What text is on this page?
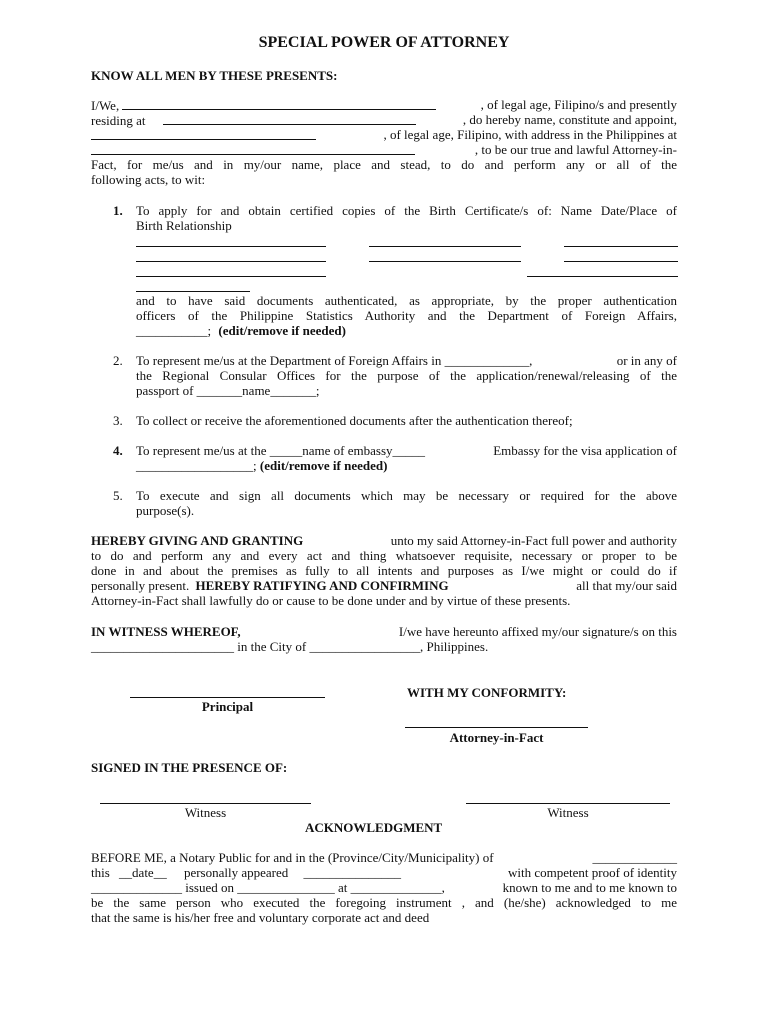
SPECIAL POWER OF ATTORNEY
KNOW ALL MEN BY THESE PRESENTS:
I/We,	, of legal age, Filipino/s and presently
residing at	, do hereby name, constitute and appoint,
, of legal age, Filipino, with address in the Philippines at
, to be our true and lawful Attorney-in-
Fact, for me/us and in my/our name, place and stead, to do and perform any or all of the
following acts, to wit:
1. To apply for and obtain certified copies of the Birth Certificate/s of: Name Date/Place of
Birth Relationship
and to have said documents authenticated, as appropriate, by the proper authentication
officers of the Philippine Statistics Authority and the Department of Foreign Affairs,
___________; (edit/remove if needed)
2. To represent me/us at the Department of Foreign Affairs in _____________,	or in any of
the Regional Consular Offices for the purpose of the application/renewal/releasing of the
passport of _______name_______;
3. To collect or receive the aforementioned documents after the authentication thereof;
4. To represent me/us at the _____name of embassy_____	Embassy for the visa application of
__________________; (edit/remove if needed)
5. To execute and sign all documents which may be necessary or required for the above
purpose(s).
HEREBY GIVING AND GRANTING	unto my said Attorney-in-Fact full power and authority
to do and perform any and every act and thing whatsoever requisite, necessary or proper to be
done in and about the premises as fully to all intents and purposes as I/we might or could do if
personally present. HEREBY RATIFYING AND CONFIRMING	all that my/our said
Attorney-in-Fact shall lawfully do or cause to be done under and by virtue of these presents.
IN WITNESS WHEREOF,	I/we have hereunto affixed my/our signature/s on this
______________________ in the City of _________________, Philippines.
Principal
WITH MY CONFORMITY:
Attorney-in-Fact
SIGNED IN THE PRESENCE OF:
Witness	Witness
ACKNOWLEDGMENT
BEFORE ME, a Notary Public for and in the (Province/City/Municipality) of	_____________
this __date__ personally appeared _______________	with competent proof of identity
______________ issued on _______________ at ______________,	known to me and to me known to
be the same person who executed the foregoing instrument , and (he/she) acknowledged to me
that the same is his/her free and voluntary corporate act and deed
